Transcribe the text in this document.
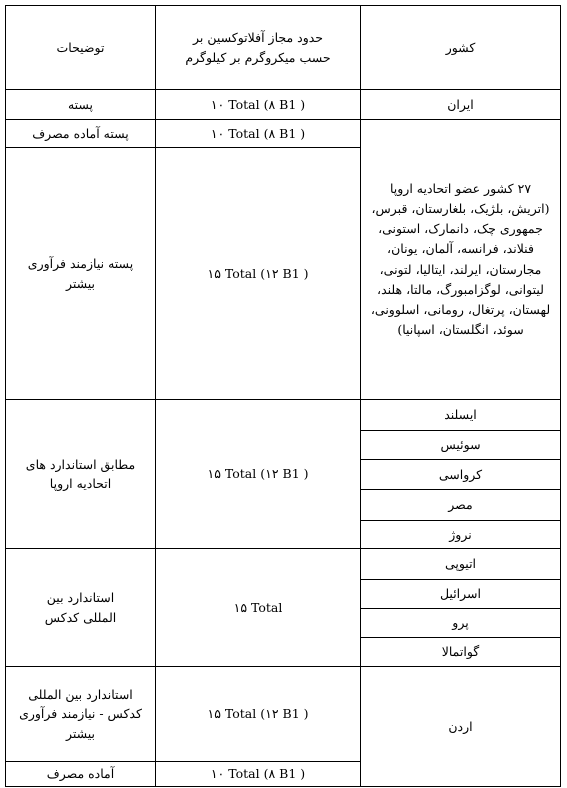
توضیحات	حدود مجاز آفلاتوکسین بر حسب میکروگرم بر کیلوگرم	کشور
پسته	۱۰ Total (۸ B1 )	ایران
پسته آماده مصرف	۱۰ Total (۸ B1 )	۲۷ کشور عضو اتحادیه اروپا (اتریش، بلژیک، بلغارستان، قبرس، جمهوری چک، دانمارک، استونی، فنلاند، فرانسه، آلمان، یونان، مجارستان، ایرلند، ایتالیا، لتونی، لیتوانی، لوگزامبورگ، مالتا، هلند، لهستان، پرتغال، رومانی، اسلوونی، سوئد، انگلستان، اسپانیا)
پسته نیازمند فرآوری بیشتر	۱۵ Total (۱۲ B1 )	
مطابق استاندارد های اتحادیه اروپا	۱۵ Total (۱۲ B1 )	ایسلند
		سوئیس
		کرواسی
		مصر
		نروژ
استاندارد بین المللی کدکس	۱۵ Total	اتیوپی
		اسرائیل
		پرو
		گواتمالا
استاندارد بین المللی کدکس - نیازمند فرآوری بیشتر	۱۵ Total (۱۲ B1 )	اردن
آماده مصرف	۱۰ Total (۸ B1 )	
